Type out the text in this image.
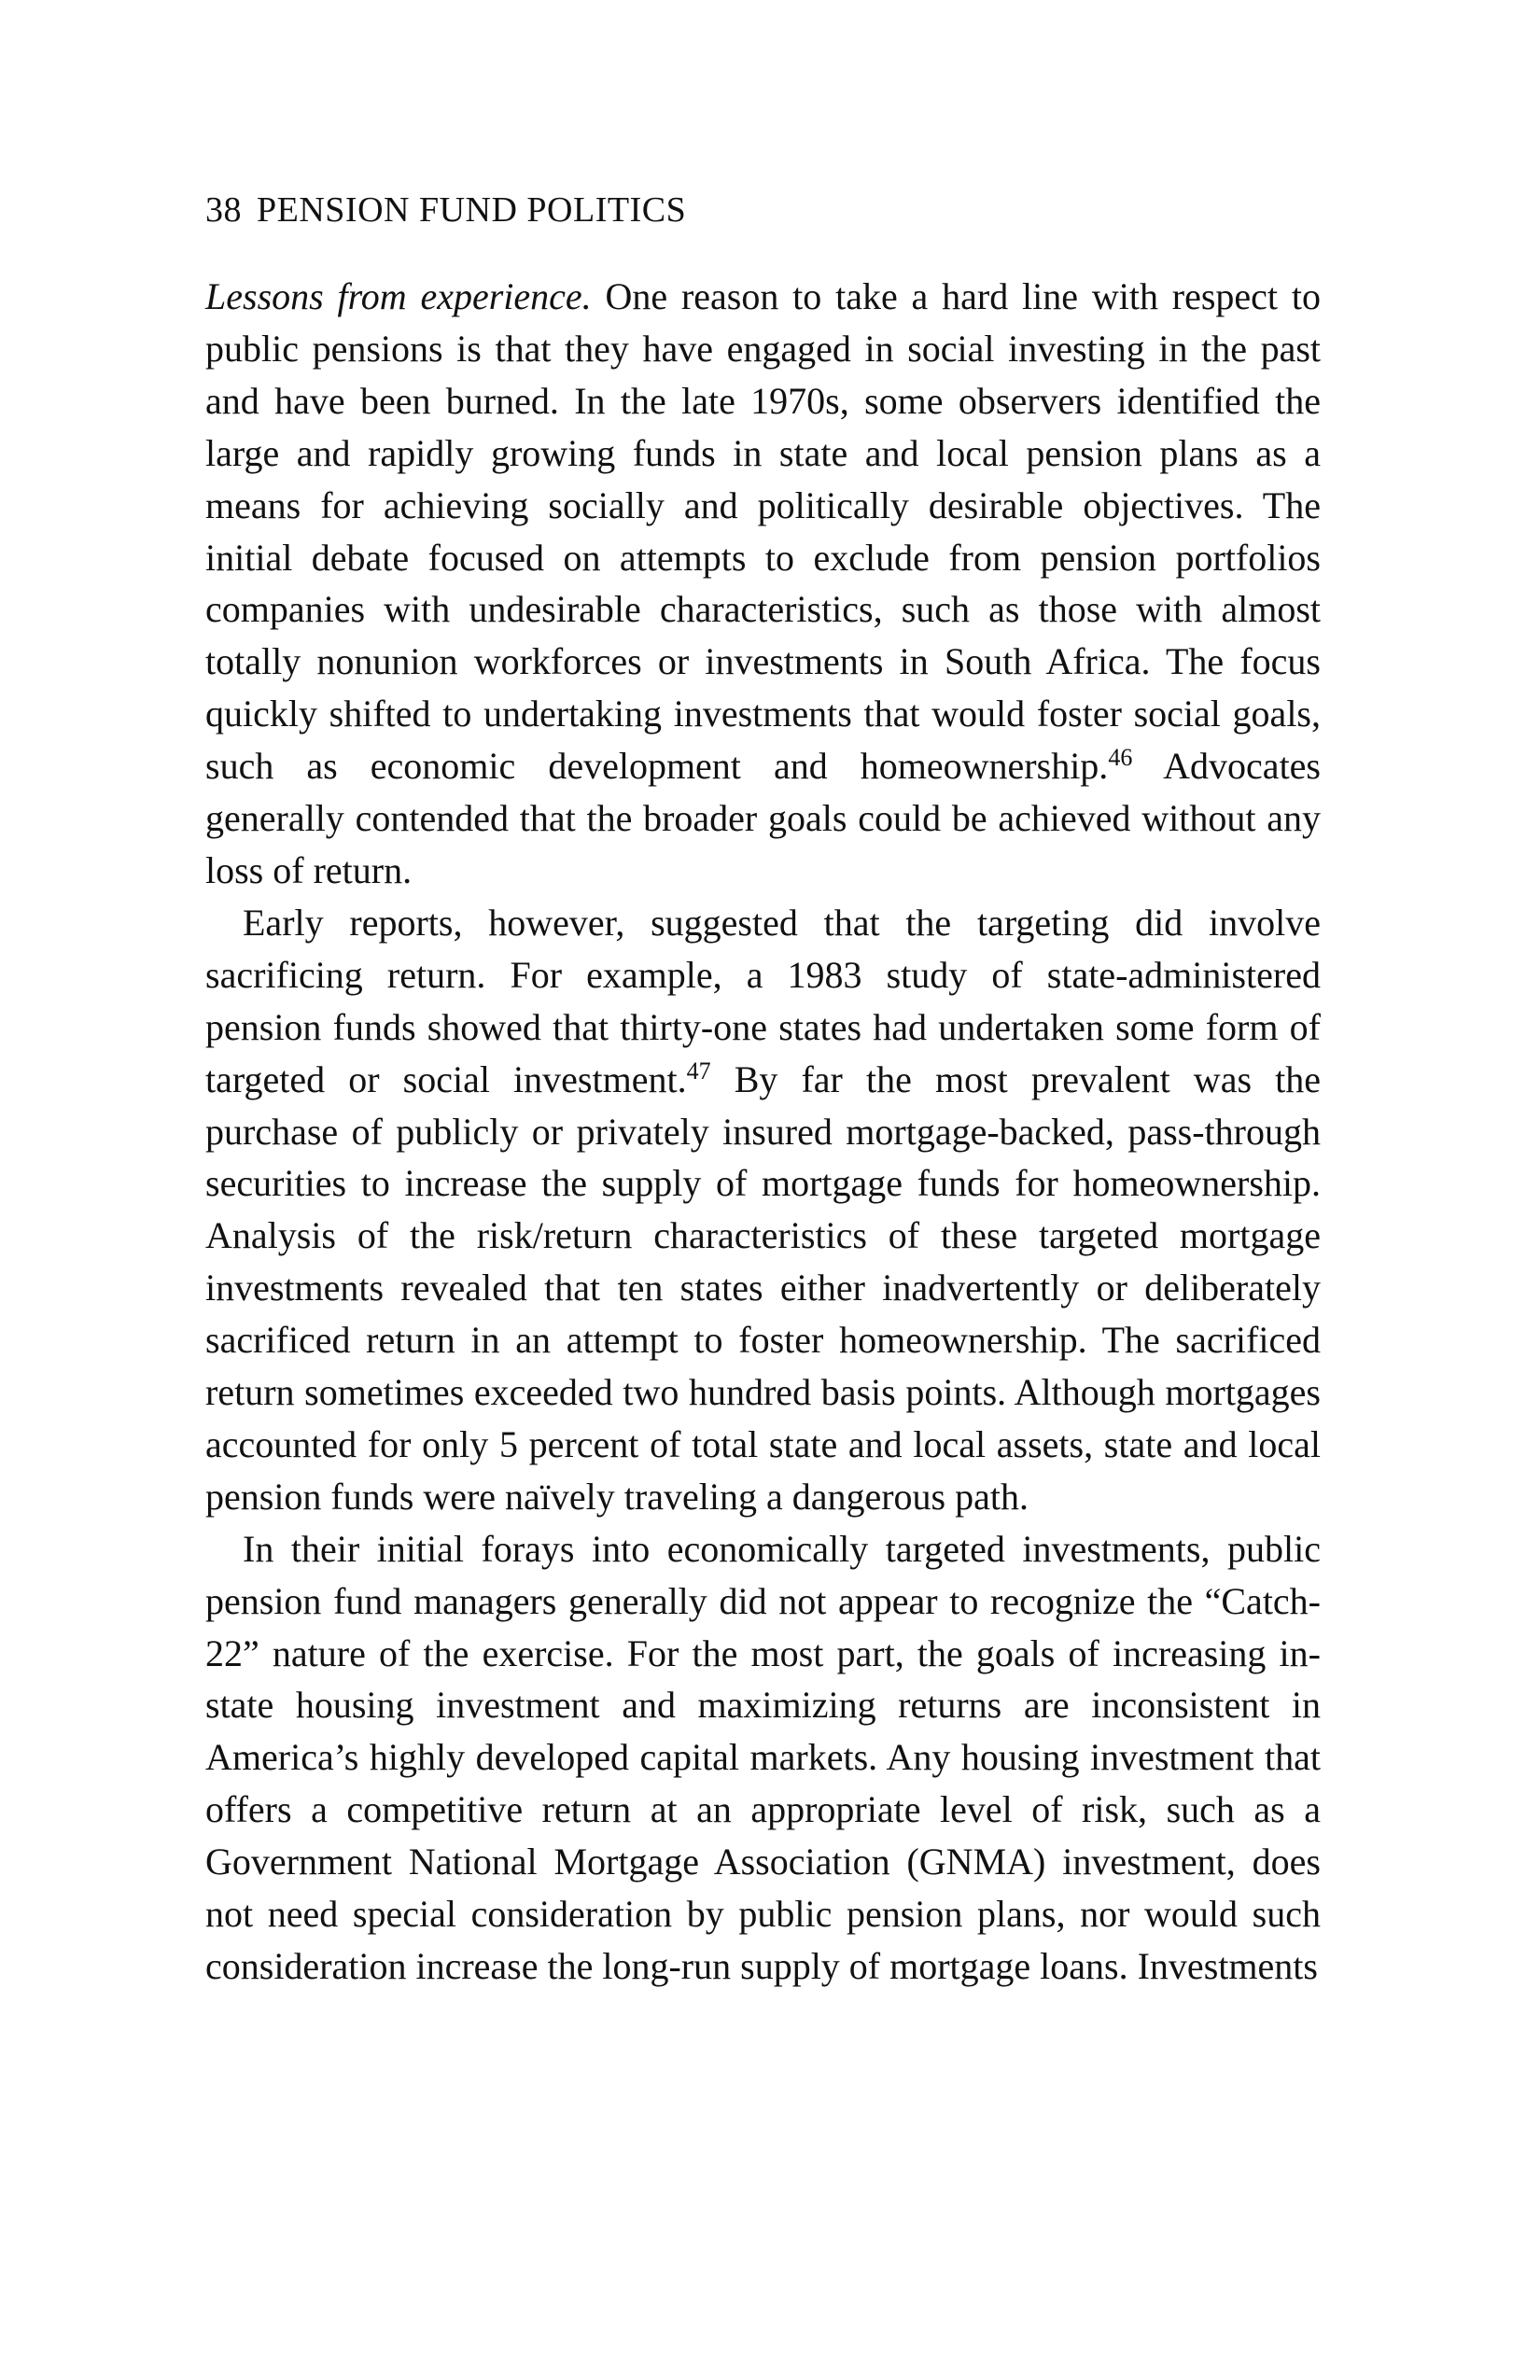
38 PENSION FUND POLITICS

Lessons from experience. One reason to take a hard line with respect to public pensions is that they have engaged in social investing in the past and have been burned. In the late 1970s, some observers identified the large and rapidly growing funds in state and local pension plans as a means for achieving socially and politically desirable objectives. The initial debate focused on attempts to exclude from pension portfolios companies with undesirable characteristics, such as those with almost totally nonunion workforces or investments in South Africa. The focus quickly shifted to undertaking investments that would foster social goals, such as economic development and homeownership.$^{46}$ Advocates generally contended that the broader goals could be achieved without any loss of return.

Early reports, however, suggested that the targeting did involve sacrificing return. For example, a 1983 study of state-administered pension funds showed that thirty-one states had undertaken some form of targeted or social investment.$^{47}$ By far the most prevalent was the purchase of publicly or privately insured mortgage-backed, pass-through securities to increase the supply of mortgage funds for homeownership. Analysis of the risk/return characteristics of these targeted mortgage investments revealed that ten states either inadvertently or deliberately sacrificed return in an attempt to foster homeownership. The sacrificed return sometimes exceeded two hundred basis points. Although mortgages accounted for only 5 percent of total state and local assets, state and local pension funds were naïvely traveling a dangerous path.

In their initial forays into economically targeted investments, public pension fund managers generally did not appear to recognize the “Catch-22” nature of the exercise. For the most part, the goals of increasing in-state housing investment and maximizing returns are inconsistent in America’s highly developed capital markets. Any housing investment that offers a competitive return at an appropriate level of risk, such as a Government National Mortgage Association (GNMA) investment, does not need special consideration by public pension plans, nor would such consideration increase the long-run supply of mortgage loans. Investments
